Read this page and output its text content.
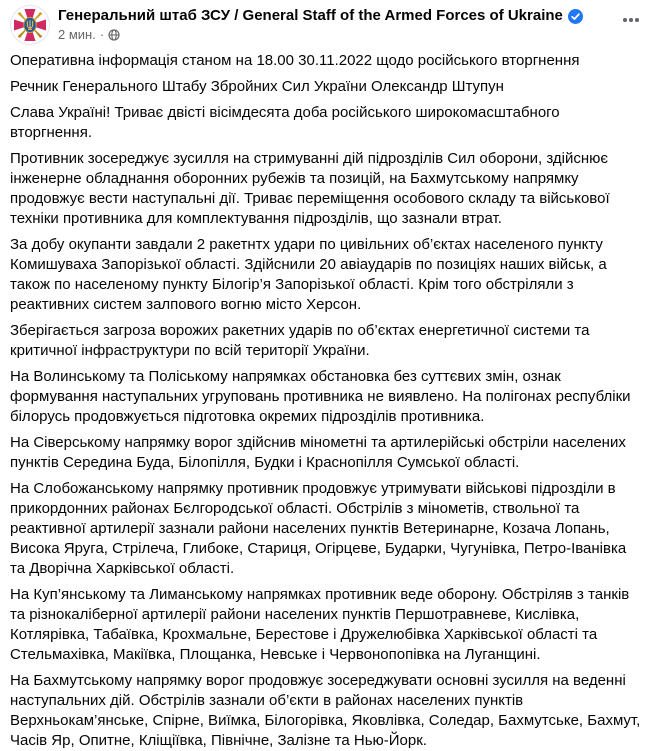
Генеральний штаб ЗСУ / General Staff of the Armed Forces of Ukraine
2 мин. ·

Оперативна інформація станом на 18.00 30.11.2022 щодо російського вторгнення

Речник Генерального Штабу Збройних Сил України Олександр Штупун

Слава Україні! Триває двісті вісімдесята доба російського широкомасштабного вторгнення.

Противник зосереджує зусилля на стримуванні дій підрозділів Сил оборони, здійснює інженерне обладнання оборонних рубежів та позицій, на Бахмутському напрямку продовжує вести наступальні дії. Триває переміщення особового складу та військової техніки противника для комплектування підрозділів, що зазнали втрат.

За добу окупанти завдали 2 ракетнтх удари по цивільних об’єктах населеного пункту Комишуваха Запорізької області. Здійснили 20 авіаударів по позиціях наших військ, а також по населеному пункту Білогір’я Запорізької області. Крім того обстріляли з реактивних систем залпового вогню місто Херсон.

Зберігається загроза ворожих ракетних ударів по об’єктах енергетичної системи та критичної інфраструктури по всій території України.

На Волинському та Поліському напрямках обстановка без суттєвих змін, ознак формування наступальних угруповань противника не виявлено. На полігонах республіки білорусь продовжується підготовка окремих підрозділів противника.

На Сіверському напрямку ворог здійснив мінометні та артилерійські обстріли населених пунктів Середина Буда, Білопілля, Будки і Краснопілля Сумської області.

На Слобожанському напрямку противник продовжує утримувати військові підрозділи в прикордонних районах Бєлгородської області. Обстрілів з мінометів, ствольної та реактивної артилерії зазнали райони населених пунктів Ветеринарне, Козача Лопань, Висока Яруга, Стрілеча, Глибоке, Стариця, Огірцеве, Бударки, Чугунівка, Петро-Іванівка та Дворічна Харківської області.

На Куп’янському та Лиманському напрямках противник веде оборону. Обстріляв з танків та різнокаліберної артилерії райони населених пунктів Першотравневе, Кислівка, Котлярівка, Табаївка, Крохмальне, Берестове і Дружелюбівка Харківської області та Стельмахівка, Макіївка, Площанка, Невське і Червонопопівка на Луганщині.

На Бахмутському напрямку ворог продовжує зосереджувати основні зусилля на веденні наступальних дій. Обстрілів зазнали об’єкти в районах населених пунктів Верхньокам’янське, Спірне, Виїмка, Білогорівка, Яковлівка, Соледар, Бахмутське, Бахмут, Часів Яр, Опитне, Кліщіївка, Північне, Залізне та Нью-Йорк.
